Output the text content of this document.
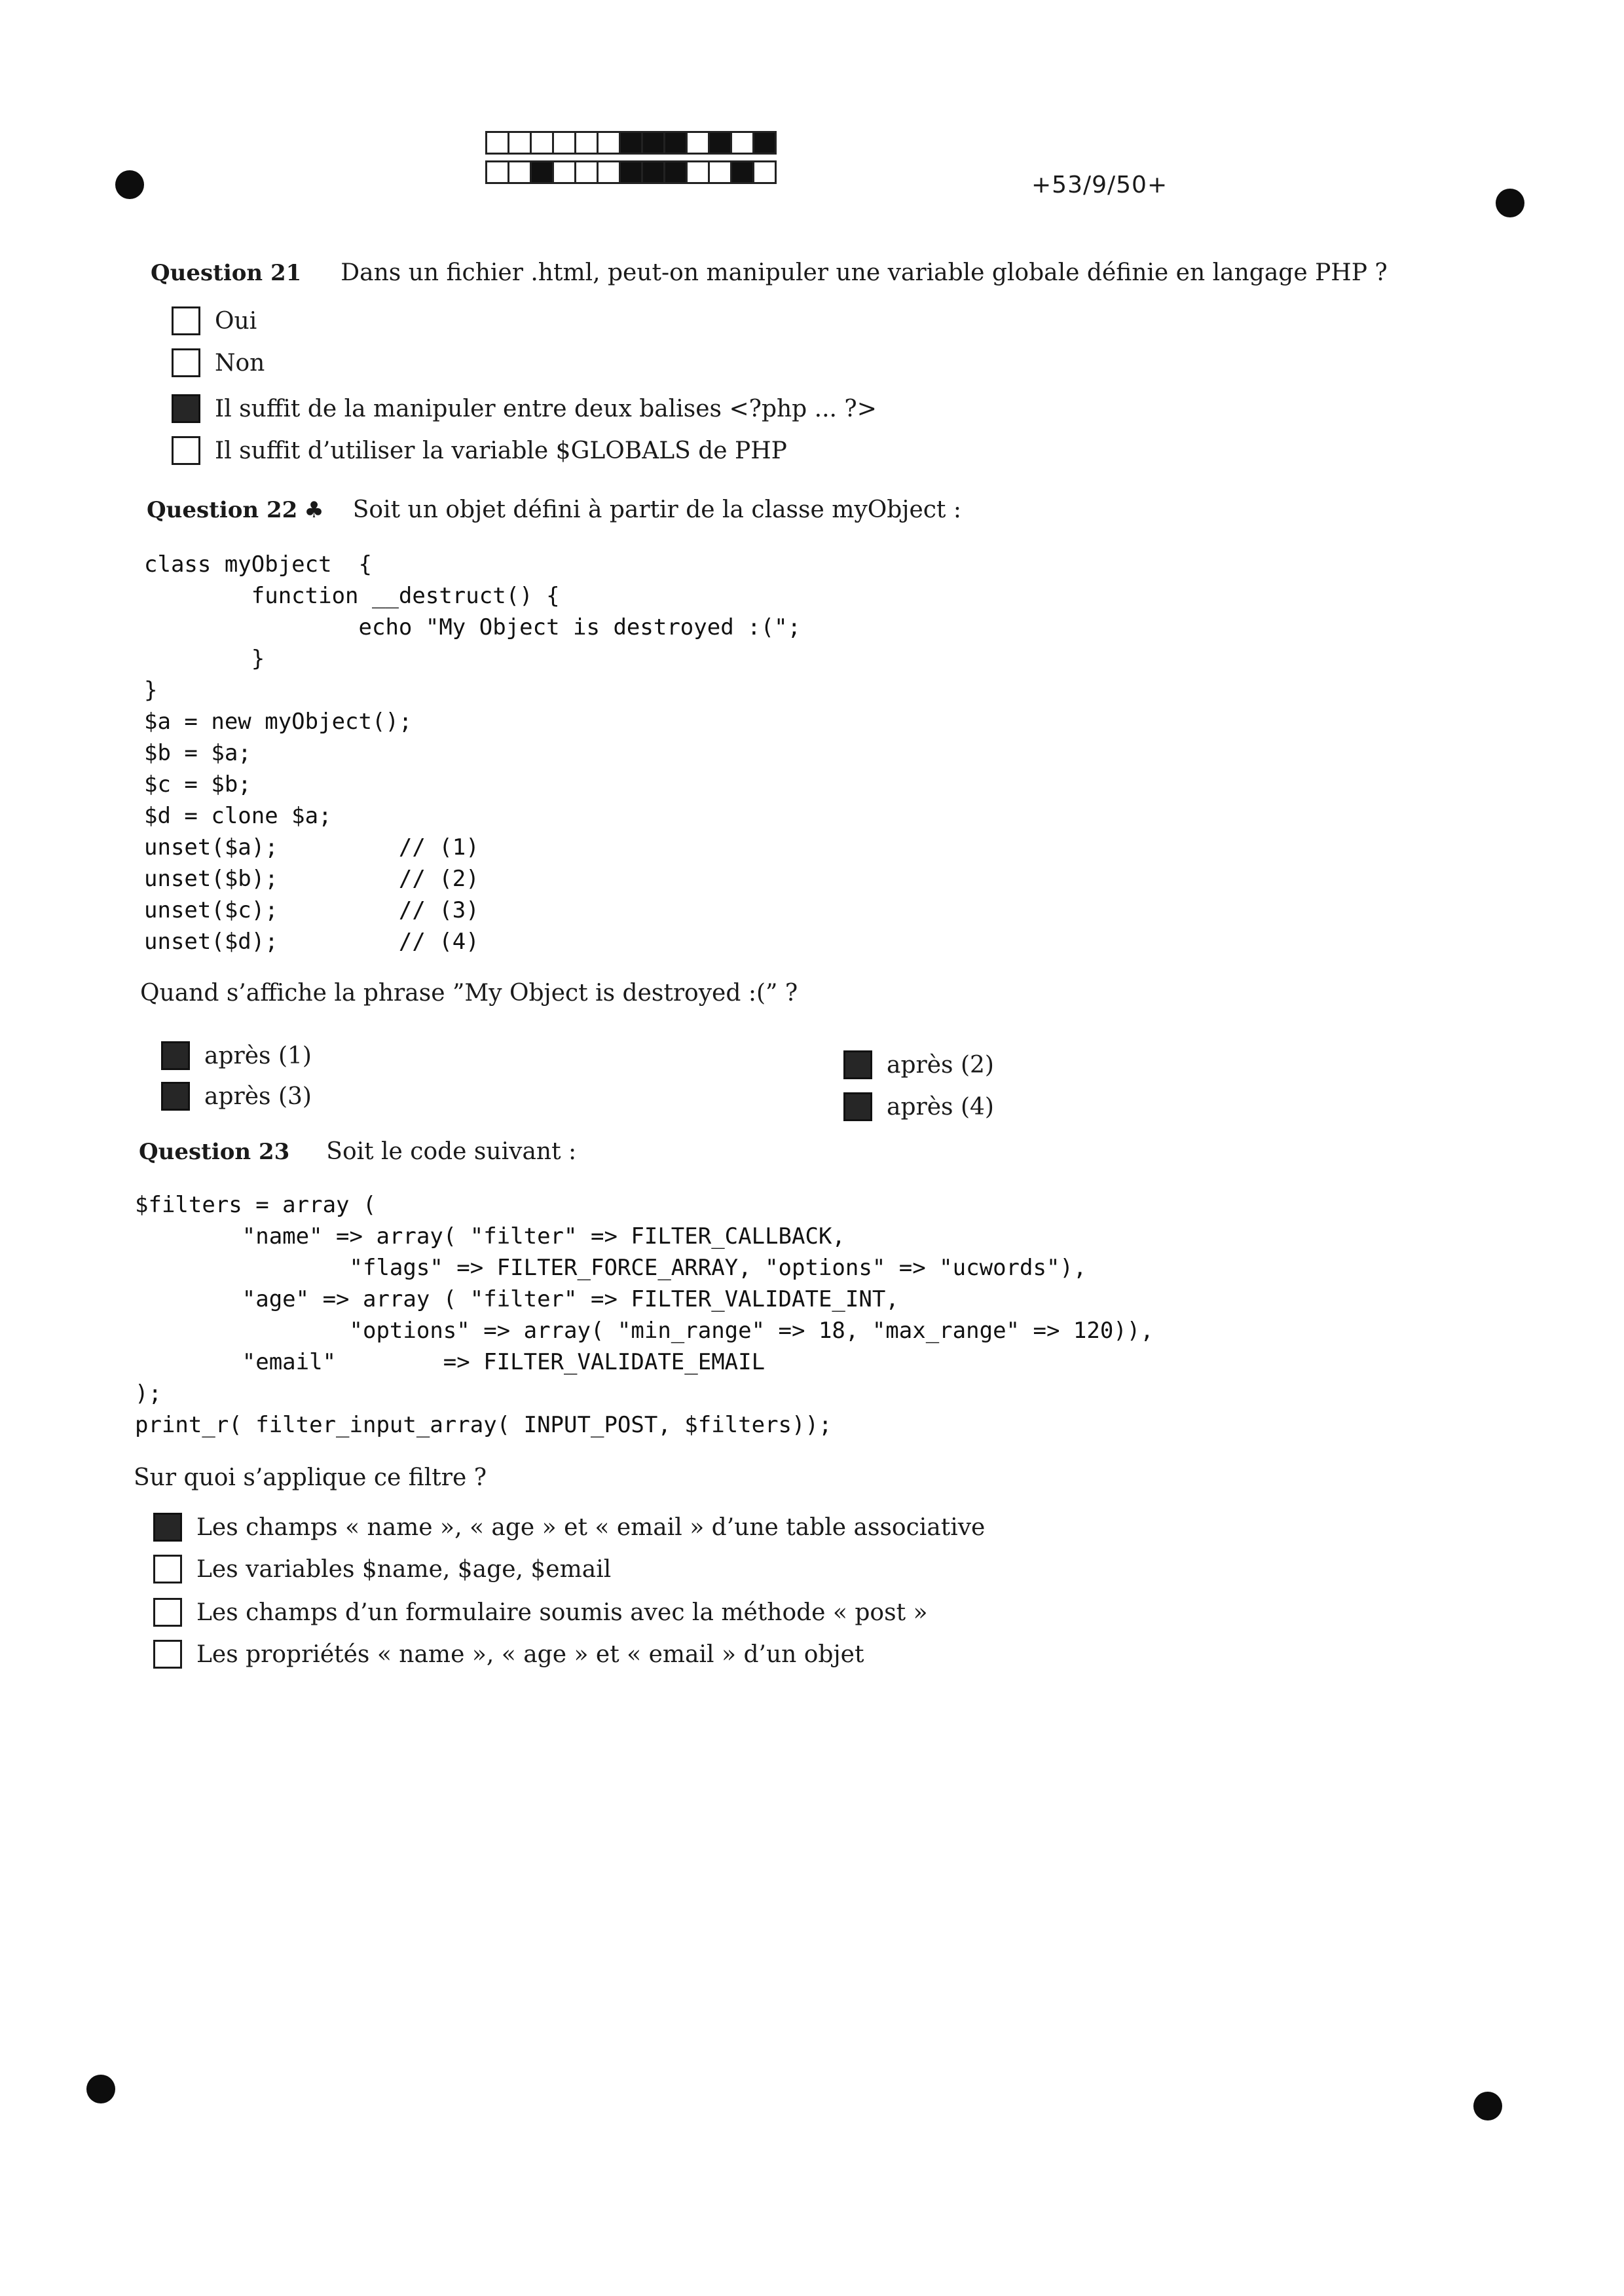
+53/9/50+
Question 21 Dans un fichier .html, peut-on manipuler une variable globale définie en langage PHP ?
Oui
Non
Il suffit de la manipuler entre deux balises <?php ... ?>
Il suffit d’utiliser la variable $GLOBALS de PHP
Question 22 ♣ Soit un objet défini à partir de la classe myObject :
class myObject  {
function __destruct() {
echo "My Object is destroyed :(";
}
}
$a = new myObject();
$b = $a;
$c = $b;
$d = clone $a;
unset($a);         // (1)
unset($b);         // (2)
unset($c);         // (3)
unset($d);         // (4)
Quand s’affiche la phrase ”My Object is destroyed :(” ?
après (1)	après (2)
après (3)	après (4)
Question 23 Soit le code suivant :
$filters = array (
"name" => array( "filter" => FILTER_CALLBACK,
"flags" => FILTER_FORCE_ARRAY, "options" => "ucwords"),
"age" => array ( "filter" => FILTER_VALIDATE_INT,
"options" => array( "min_range" => 18, "max_range" => 120)),
"email"        => FILTER_VALIDATE_EMAIL
);
print_r( filter_input_array( INPUT_POST, $filters));
Sur quoi s’applique ce filtre ?
Les champs « name », « age » et « email » d’une table associative
Les variables $name, $age, $email
Les champs d’un formulaire soumis avec la méthode « post »
Les propriétés « name », « age » et « email » d’un objet
